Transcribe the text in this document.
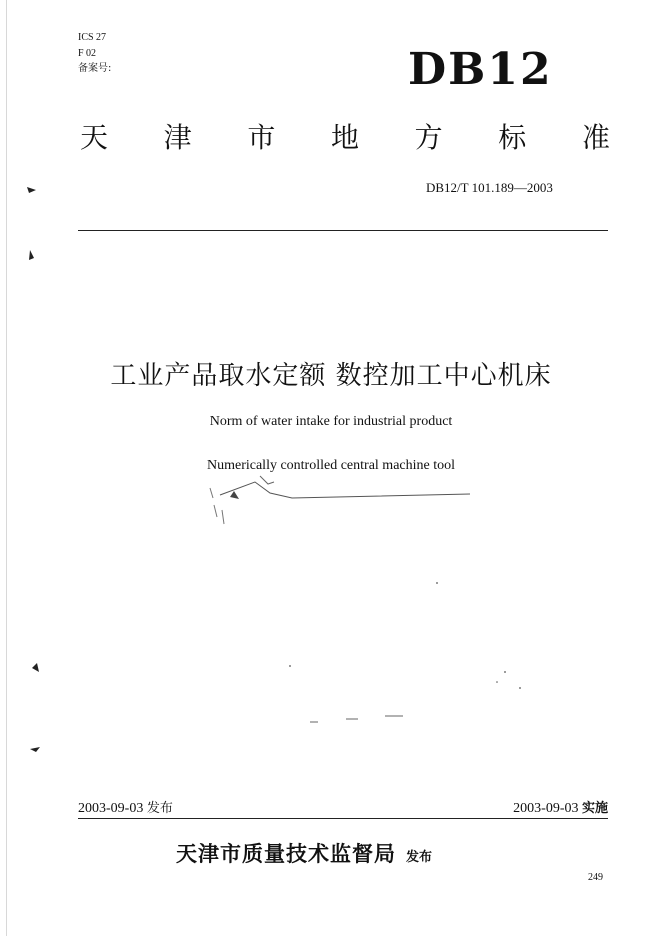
ICS 27
F 02
备案号:	DB12
天 津 市 地 方 标 准
DB12/T 101.189—2003
工业产品取水定额 数控加工中心机床
Norm of water intake for industrial product
Numerically controlled central machine tool
2003-09-03 发布	2003-09-03 实施
天津市质量技术监督局 发布
249
